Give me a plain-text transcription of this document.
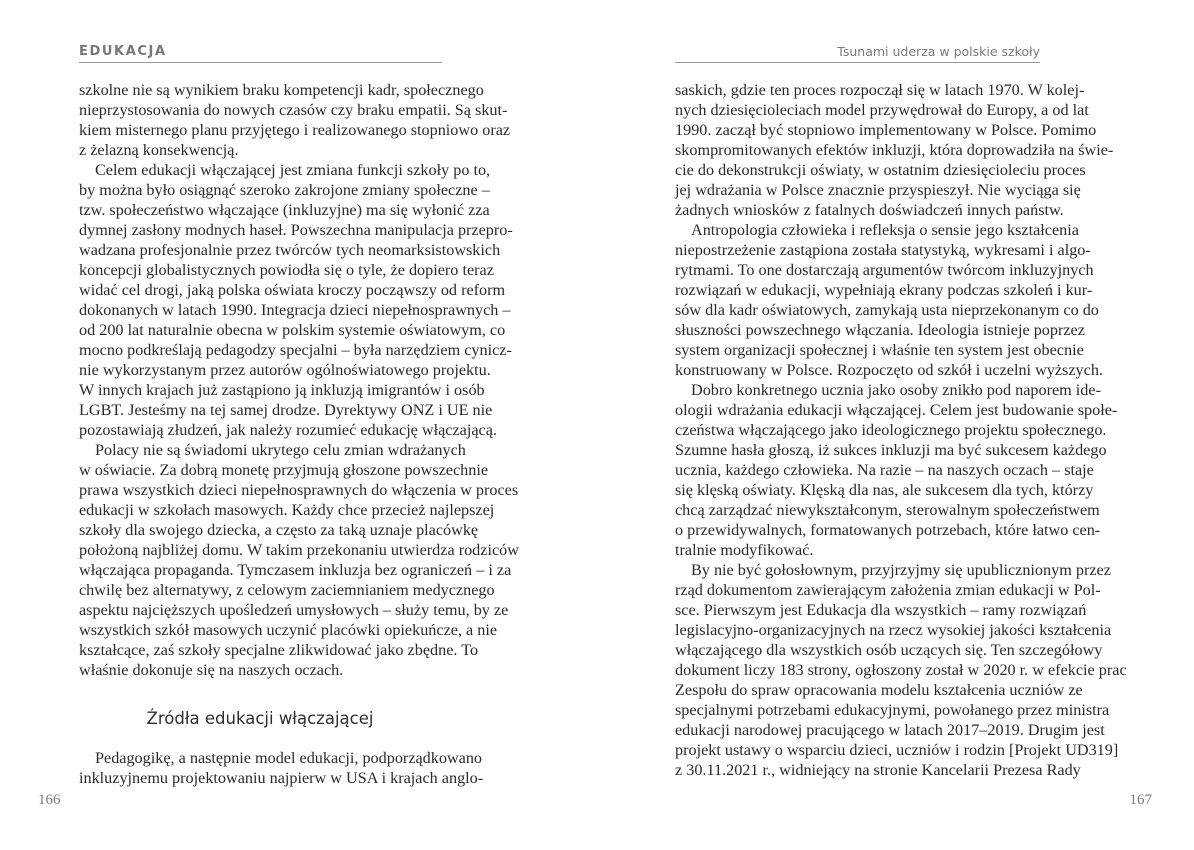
EDUKACJA
szkolne nie są wynikiem braku kompetencji kadr, społecznego
nieprzystosowania do nowych czasów czy braku empatii. Są skut-
kiem misternego planu przyjętego i realizowanego stopniowo oraz
z żelazną konsekwencją.
Celem edukacji włączającej jest zmiana funkcji szkoły po to,
by można było osiągnąć szeroko zakrojone zmiany społeczne –
tzw. społeczeństwo włączające (inkluzyjne) ma się wyłonić zza
dymnej zasłony modnych haseł. Powszechna manipulacja przepro-
wadzana profesjonalnie przez twórców tych neomarksistowskich
koncepcji globalistycznych powiodła się o tyle, że dopiero teraz
widać cel drogi, jaką polska oświata kroczy począwszy od reform
dokonanych w latach 1990. Integracja dzieci niepełnosprawnych –
od 200 lat naturalnie obecna w polskim systemie oświatowym, co
mocno podkreślają pedagodzy specjalni – była narzędziem cynicz-
nie wykorzystanym przez autorów ogólnoświatowego projektu.
W innych krajach już zastąpiono ją inkluzją imigrantów i osób
LGBT. Jesteśmy na tej samej drodze. Dyrektywy ONZ i UE nie
pozostawiają złudzeń, jak należy rozumieć edukację włączającą.
Polacy nie są świadomi ukrytego celu zmian wdrażanych
w oświacie. Za dobrą monetę przyjmują głoszone powszechnie
prawa wszystkich dzieci niepełnosprawnych do włączenia w proces
edukacji w szkołach masowych. Każdy chce przecież najlepszej
szkoły dla swojego dziecka, a często za taką uznaje placówkę
położoną najbliżej domu. W takim przekonaniu utwierdza rodziców
włączająca propaganda. Tymczasem inkluzja bez ograniczeń – i za
chwilę bez alternatywy, z celowym zaciemnianiem medycznego
aspektu najcięższych upośledzeń umysłowych – służy temu, by ze
wszystkich szkół masowych uczynić placówki opiekuńcze, a nie
kształcące, zaś szkoły specjalne zlikwidować jako zbędne. To
właśnie dokonuje się na naszych oczach.
Źródła edukacji włączającej
Pedagogikę, a następnie model edukacji, podporządkowano
inkluzyjnemu projektowaniu najpierw w USA i krajach anglo-
166
Tsunami uderza w polskie szkoły
saskich, gdzie ten proces rozpoczął się w latach 1970. W kolej-
nych dziesięcioleciach model przywędrował do Europy, a od lat
1990. zaczął być stopniowo implementowany w Polsce. Pomimo
skompromitowanych efektów inkluzji, która doprowadziła na świe-
cie do dekonstrukcji oświaty, w ostatnim dziesięcioleciu proces
jej wdrażania w Polsce znacznie przyspieszył. Nie wyciąga się
żadnych wniosków z fatalnych doświadczeń innych państw.
Antropologia człowieka i refleksja o sensie jego kształcenia
niepostrzeżenie zastąpiona została statystyką, wykresami i algo-
rytmami. To one dostarczają argumentów twórcom inkluzyjnych
rozwiązań w edukacji, wypełniają ekrany podczas szkoleń i kur-
sów dla kadr oświatowych, zamykają usta nieprzekonanym co do
słuszności powszechnego włączania. Ideologia istnieje poprzez
system organizacji społecznej i właśnie ten system jest obecnie
konstruowany w Polsce. Rozpoczęto od szkół i uczelni wyższych.
Dobro konkretnego ucznia jako osoby znikło pod naporem ide-
ologii wdrażania edukacji włączającej. Celem jest budowanie społe-
czeństwa włączającego jako ideologicznego projektu społecznego.
Szumne hasła głoszą, iż sukces inkluzji ma być sukcesem każdego
ucznia, każdego człowieka. Na razie – na naszych oczach – staje
się klęską oświaty. Klęską dla nas, ale sukcesem dla tych, którzy
chcą zarządzać niewykształconym, sterowalnym społeczeństwem
o przewidywalnych, formatowanych potrzebach, które łatwo cen-
tralnie modyfikować.
By nie być gołosłownym, przyjrzyjmy się upublicznionym przez
rząd dokumentom zawierającym założenia zmian edukacji w Pol-
sce. Pierwszym jest Edukacja dla wszystkich – ramy rozwiązań
legislacyjno-organizacyjnych na rzecz wysokiej jakości kształcenia
włączającego dla wszystkich osób uczących się. Ten szczegółowy
dokument liczy 183 strony, ogłoszony został w 2020 r. w efekcie prac
Zespołu do spraw opracowania modelu kształcenia uczniów ze
specjalnymi potrzebami edukacyjnymi, powołanego przez ministra
edukacji narodowej pracującego w latach 2017–2019. Drugim jest
projekt ustawy o wsparciu dzieci, uczniów i rodzin [Projekt UD319]
z 30.11.2021 r., widniejący na stronie Kancelarii Prezesa Rady
167
